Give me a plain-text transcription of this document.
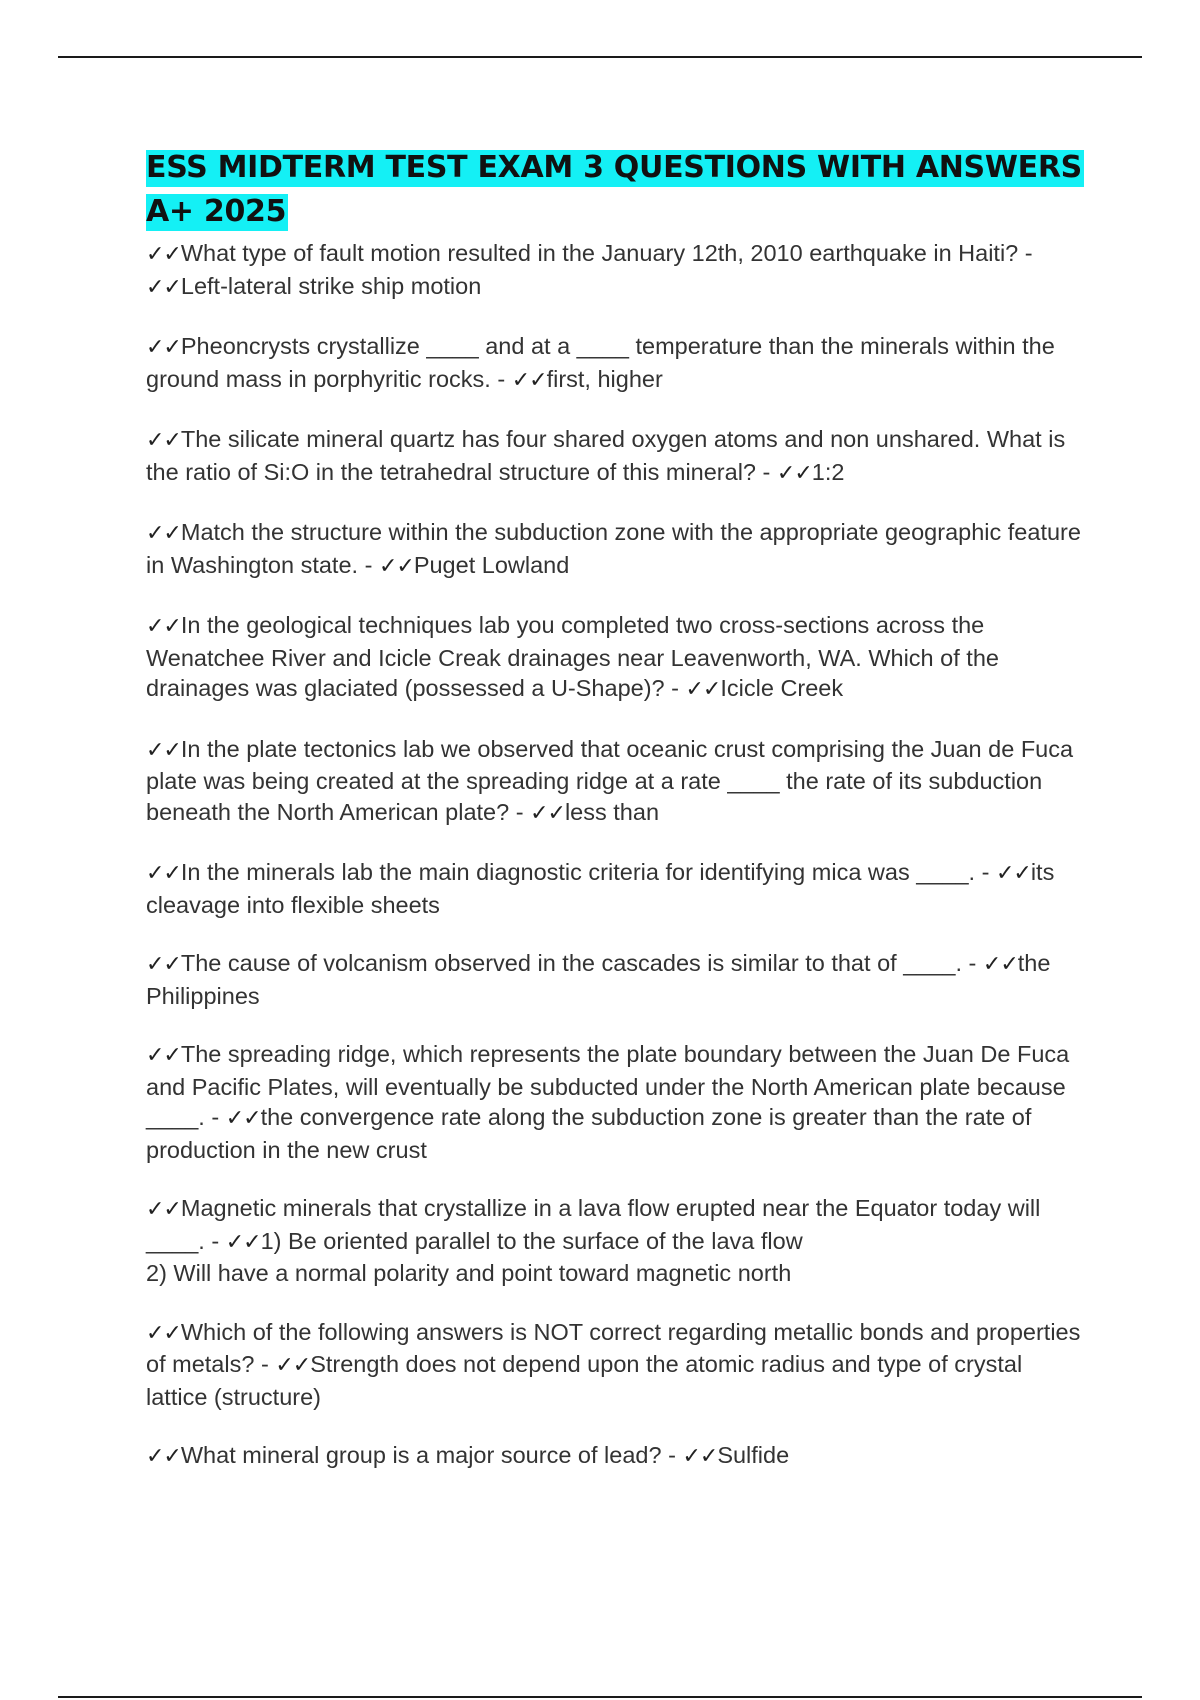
ESS MIDTERM TEST EXAM 3 QUESTIONS WITH ANSWERS A+ 2025

✓✓What type of fault motion resulted in the January 12th, 2010 earthquake in Haiti? - ✓✓Left-lateral strike ship motion

✓✓Pheoncrysts crystallize ____ and at a ____ temperature than the minerals within the ground mass in porphyritic rocks. - ✓✓first, higher

✓✓The silicate mineral quartz has four shared oxygen atoms and non unshared. What is the ratio of Si:O in the tetrahedral structure of this mineral? - ✓✓1:2

✓✓Match the structure within the subduction zone with the appropriate geographic feature in Washington state. - ✓✓Puget Lowland

✓✓In the geological techniques lab you completed two cross-sections across the Wenatchee River and Icicle Creak drainages near Leavenworth, WA. Which of the drainages was glaciated (possessed a U-Shape)? - ✓✓Icicle Creek

✓✓In the plate tectonics lab we observed that oceanic crust comprising the Juan de Fuca plate was being created at the spreading ridge at a rate ____ the rate of its subduction beneath the North American plate? - ✓✓less than

✓✓In the minerals lab the main diagnostic criteria for identifying mica was ____. - ✓✓its cleavage into flexible sheets

✓✓The cause of volcanism observed in the cascades is similar to that of ____. - ✓✓the Philippines

✓✓The spreading ridge, which represents the plate boundary between the Juan De Fuca and Pacific Plates, will eventually be subducted under the North American plate because ____. - ✓✓the convergence rate along the subduction zone is greater than the rate of production in the new crust

✓✓Magnetic minerals that crystallize in a lava flow erupted near the Equator today will ____. - ✓✓1) Be oriented parallel to the surface of the lava flow
2) Will have a normal polarity and point toward magnetic north

✓✓Which of the following answers is NOT correct regarding metallic bonds and properties of metals? - ✓✓Strength does not depend upon the atomic radius and type of crystal lattice (structure)

✓✓What mineral group is a major source of lead? - ✓✓Sulfide
